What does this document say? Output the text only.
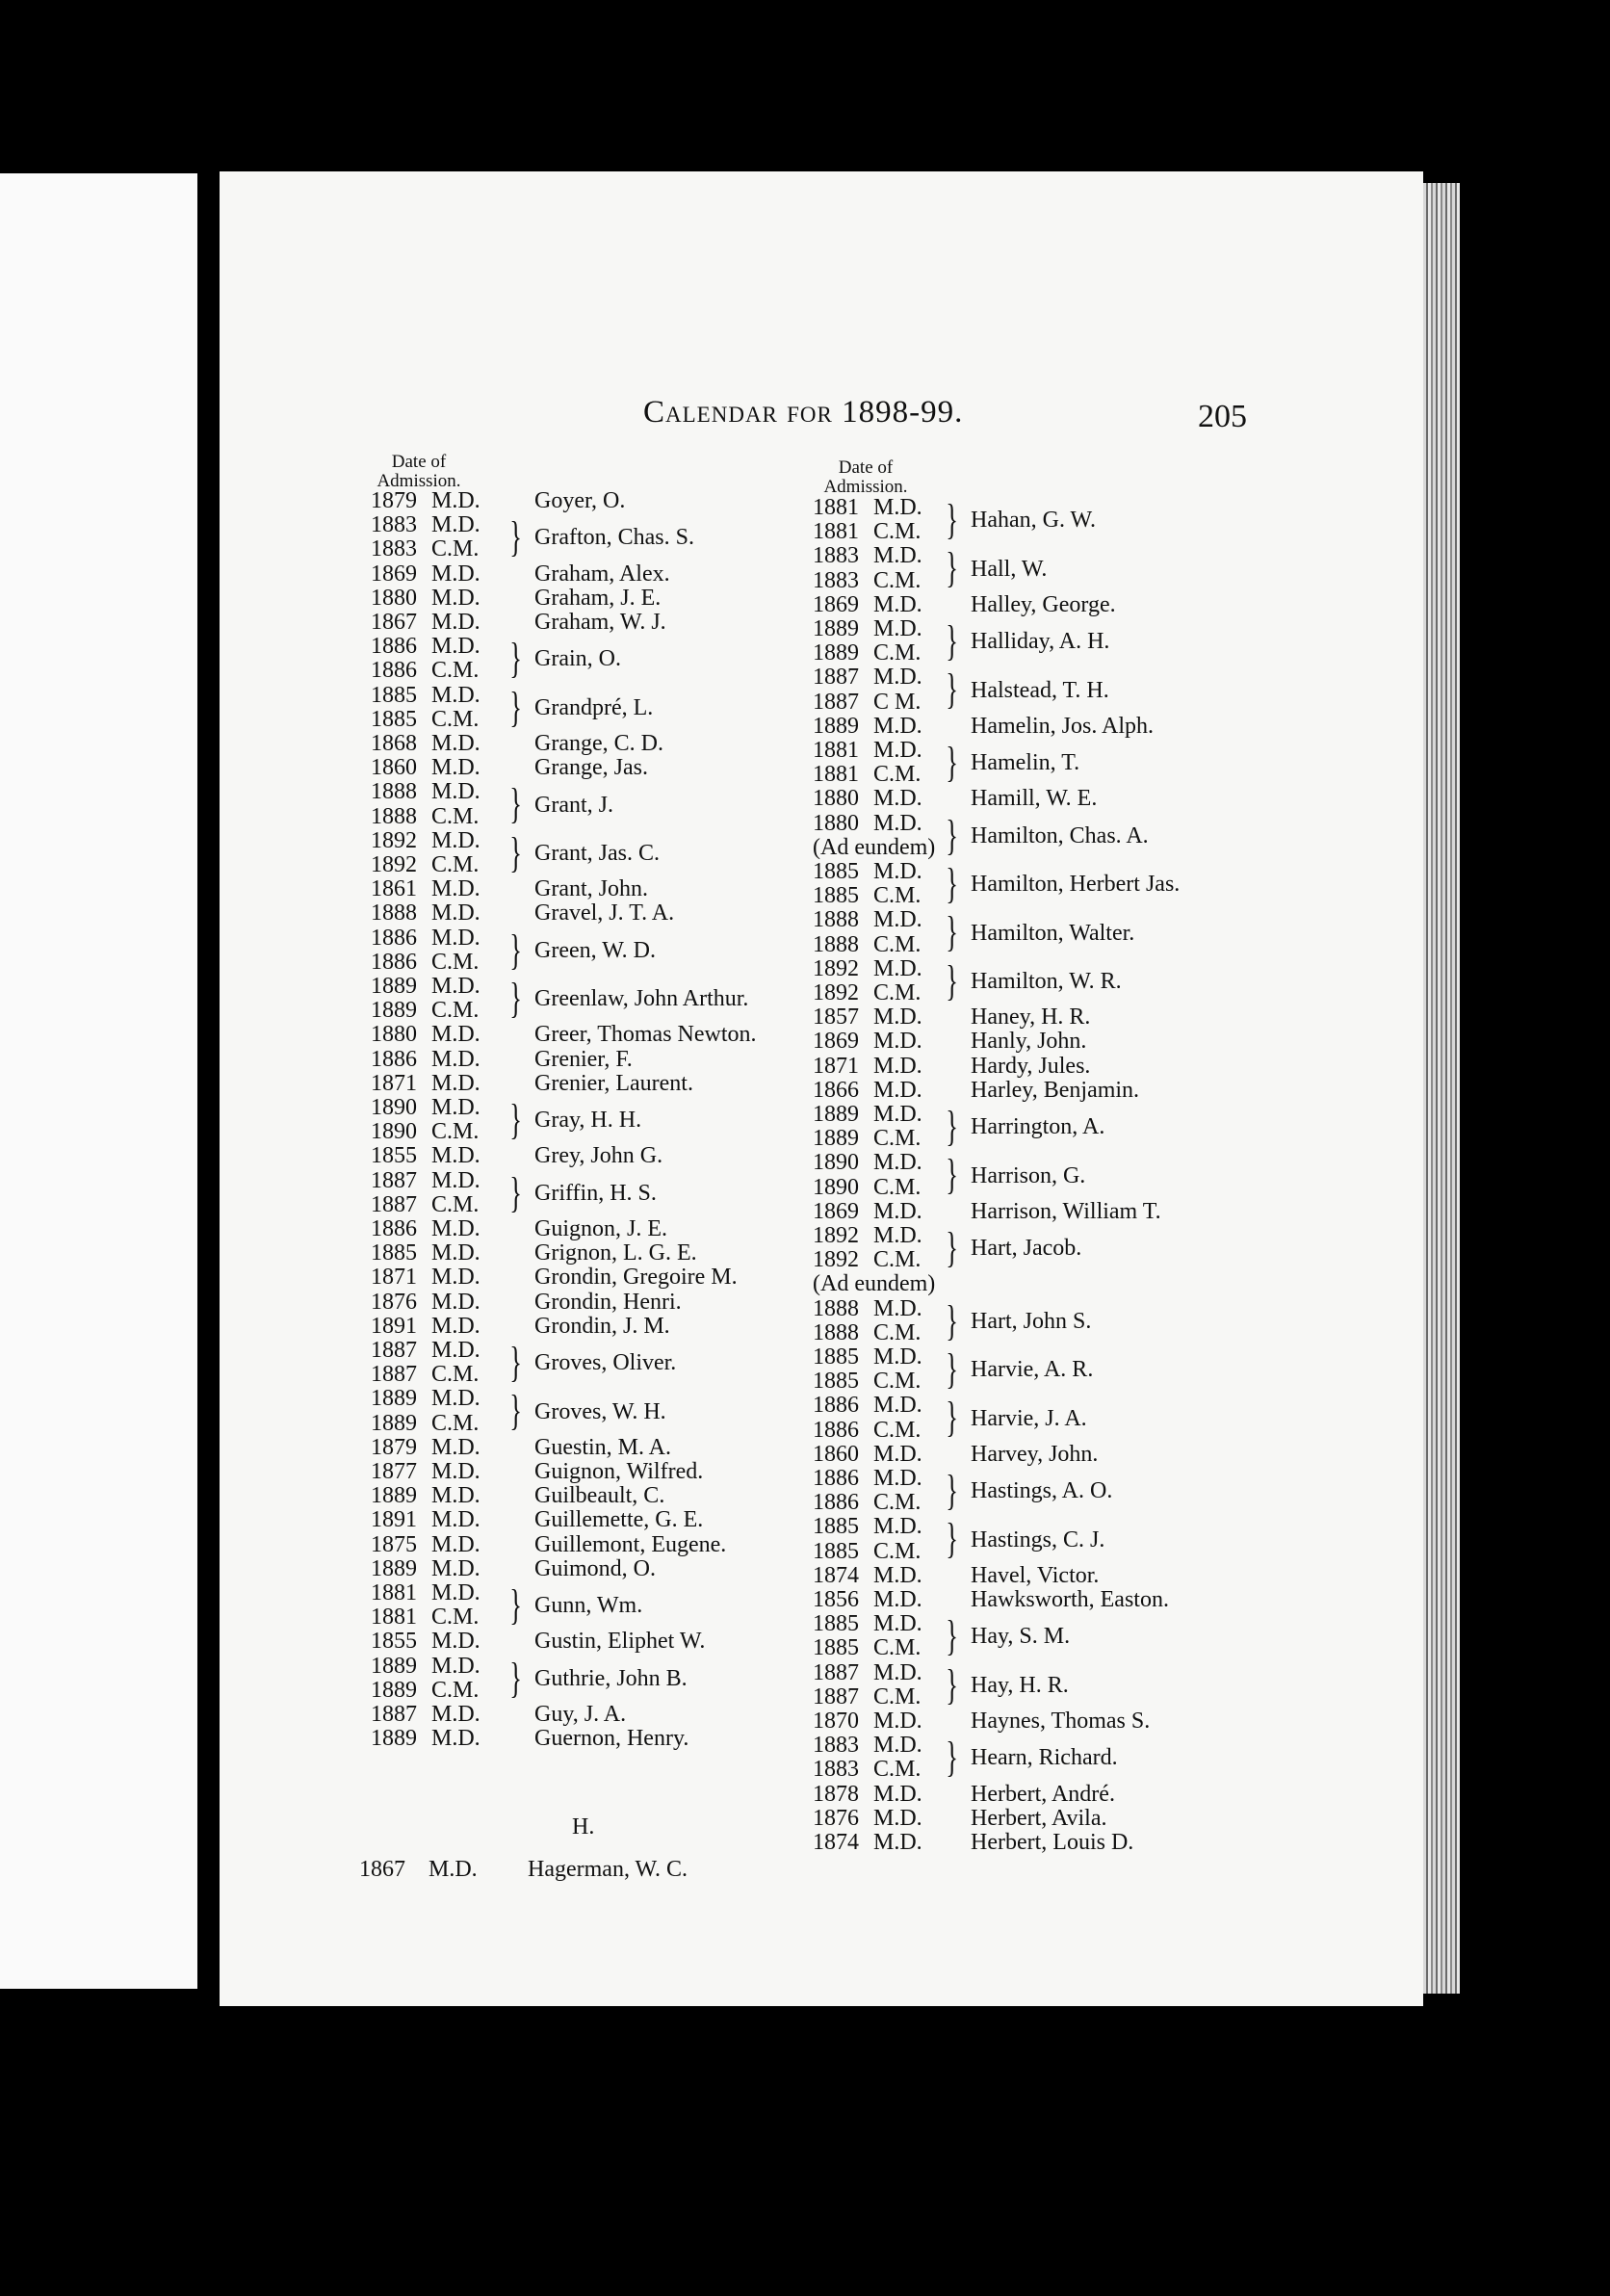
Calendar for 1898-99.	205
Date of
Admission.
Date of
Admission.
1879 M.D. Goyer, O.
1883 M.D.
1883 C.M. Grafton, Chas. S.
}
1869 M.D. Graham, Alex.
1880 M.D. Graham, J. E.
1867 M.D. Graham, W. J.
1886 M.D.
1886 C.M. Grain, O.
}
1885 M.D.
1885 C.M. Grandpré, L.
}
1868 M.D. Grange, C. D.
1860 M.D. Grange, Jas.
1888 M.D.
1888 C.M. Grant, J.
}
1892 M.D.
1892 C.M. Grant, Jas. C.
}
1861 M.D. Grant, John.
1888 M.D. Gravel, J. T. A.
1886 M.D.
1886 C.M. Green, W. D.
}
1889 M.D.
1889 C.M. Greenlaw, John Arthur.
}
1880 M.D. Greer, Thomas Newton.
1886 M.D. Grenier, F.
1871 M.D. Grenier, Laurent.
1890 M.D.
1890 C.M. Gray, H. H.
}
1855 M.D. Grey, John G.
1887 M.D.
1887 C.M. Griffin, H. S.
}
1886 M.D. Guignon, J. E.
1885 M.D. Grignon, L. G. E.
1871 M.D. Grondin, Gregoire M.
1876 M.D. Grondin, Henri.
1891 M.D. Grondin, J. M.
1887 M.D.
1887 C.M. Groves, Oliver.
}
1889 M.D.
1889 C.M. Groves, W. H.
}
1879 M.D. Guestin, M. A.
1877 M.D. Guignon, Wilfred.
1889 M.D. Guilbeault, C.
1891 M.D. Guillemette, G. E.
1875 M.D. Guillemont, Eugene.
1889 M.D. Guimond, O.
1881 M.D.
1881 C.M. Gunn, Wm.
}
1855 M.D. Gustin, Eliphet W.
1889 M.D.
1889 C.M. Guthrie, John B.
}
1887 M.D. Guy, J. A.
1889 M.D. Guernon, Henry.
1881 M.D.
1881 C.M. Hahan, G. W.
}
1883 M.D.
1883 C.M. Hall, W.
}
1869 M.D. Halley, George.
1889 M.D.
1889 C.M. Halliday, A. H.
}
1887 M.D.
1887 C M. Halstead, T. H.
}
1889 M.D. Hamelin, Jos. Alph.
1881 M.D.
1881 C.M. Hamelin, T.
}
1880 M.D. Hamill, W. E.
1880 M.D.
(Ad eundem) Hamilton, Chas. A.
}
1885 M.D.
1885 C.M. Hamilton, Herbert Jas.
}
1888 M.D.
1888 C.M. Hamilton, Walter.
}
1892 M.D.
1892 C.M. Hamilton, W. R.
}
1857 M.D. Haney, H. R.
1869 M.D. Hanly, John.
1871 M.D. Hardy, Jules.
1866 M.D. Harley, Benjamin.
1889 M.D.
1889 C.M. Harrington, A.
}
1890 M.D.
1890 C.M. Harrison, G.
}
1869 M.D. Harrison, William T.
1892 M.D.
1892 C.M. Hart, Jacob.
}
(Ad eundem)
1888 M.D.
1888 C.M. Hart, John S.
}
1885 M.D.
1885 C.M. Harvie, A. R.
}
1886 M.D.
1886 C.M. Harvie, J. A.
}
1860 M.D. Harvey, John.
1886 M.D.
1886 C.M. Hastings, A. O.
}
1885 M.D.
1885 C.M. Hastings, C. J.
}
1874 M.D. Havel, Victor.
1856 M.D. Hawksworth, Easton.
1885 M.D.
1885 C.M. Hay, S. M.
}
1887 M.D.
1887 C.M. Hay, H. R.
}
1870 M.D. Haynes, Thomas S.
1883 M.D.
1883 C.M. Hearn, Richard.
}
1878 M.D. Herbert, André.
1876 M.D. Herbert, Avila.
1874 M.D. Herbert, Louis D.
H.
1867 M.D. Hagerman, W. C.
